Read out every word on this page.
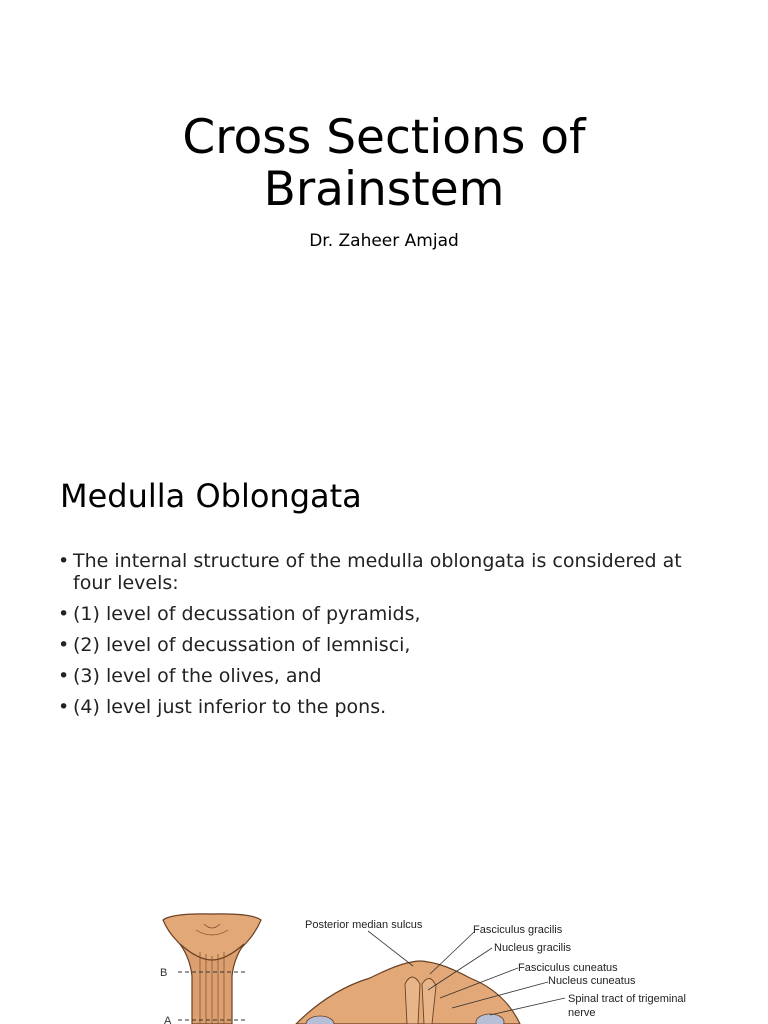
Cross Sections of
Brainstem
Dr. Zaheer Amjad
Medulla Oblongata
• The internal structure of the medulla oblongata is considered at four levels:
• (1) level of decussation of pyramids,
• (2) level of decussation of lemnisci,
• (3) level of the olives, and
• (4) level just inferior to the pons.
B
A
Posterior median sulcus	Fasciculus gracilis
Nucleus gracilis
Fasciculus cuneatus
Nucleus cuneatus
Spinal tract of trigeminal
nerve
